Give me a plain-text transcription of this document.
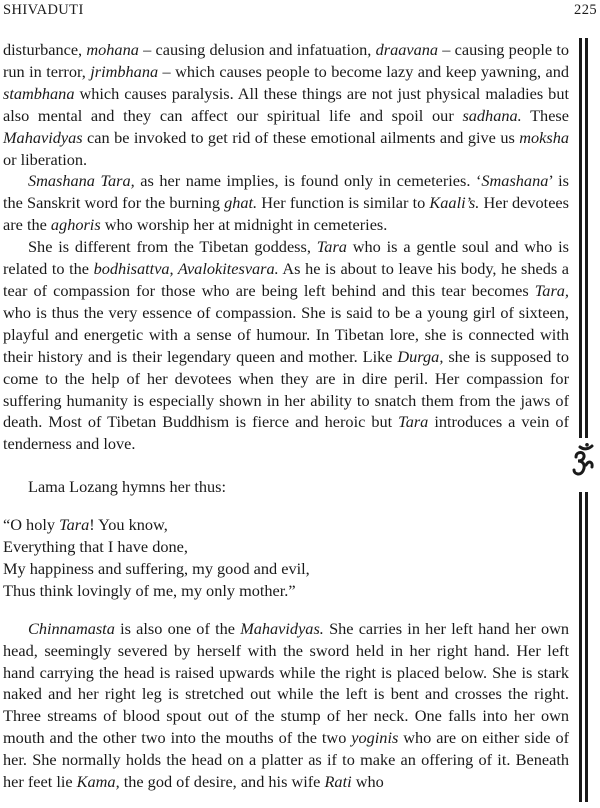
SHIVADUTI	225

disturbance, mohana – causing delusion and infatuation, draavana – causing people to run in terror, jrimbhana – which causes people to become lazy and keep yawning, and stambhana which causes paralysis. All these things are not just physical maladies but also mental and they can affect our spiritual life and spoil our sadhana. These Mahavidyas can be invoked to get rid of these emotional ailments and give us moksha or liberation.

Smashana Tara, as her name implies, is found only in cemeteries. ‘Smashana’ is the Sanskrit word for the burning ghat. Her function is similar to Kaali’s. Her devotees are the aghoris who worship her at midnight in cemeteries.

She is different from the Tibetan goddess, Tara who is a gentle soul and who is related to the bodhisattva, Avalokitesvara. As he is about to leave his body, he sheds a tear of compassion for those who are being left behind and this tear becomes Tara, who is thus the very essence of compassion. She is said to be a young girl of sixteen, playful and energetic with a sense of humour. In Tibetan lore, she is connected with their history and is their legendary queen and mother. Like Durga, she is supposed to come to the help of her devotees when they are in dire peril. Her compassion for suffering humanity is especially shown in her ability to snatch them from the jaws of death. Most of Tibetan Buddhism is fierce and heroic but Tara introduces a vein of tenderness and love.

Lama Lozang hymns her thus:

“O holy Tara! You know,
Everything that I have done,
My happiness and suffering, my good and evil,
Thus think lovingly of me, my only mother.”

Chinnamasta is also one of the Mahavidyas. She carries in her left hand her own head, seemingly severed by herself with the sword held in her right hand. Her left hand carrying the head is raised upwards while the right is placed below. She is stark naked and her right leg is stretched out while the left is bent and crosses the right. Three streams of blood spout out of the stump of her neck. One falls into her own mouth and the other two into the mouths of the two yoginis who are on either side of her. She normally holds the head on a platter as if to make an offering of it. Beneath her feet lie Kama, the god of desire, and his wife Rati who
